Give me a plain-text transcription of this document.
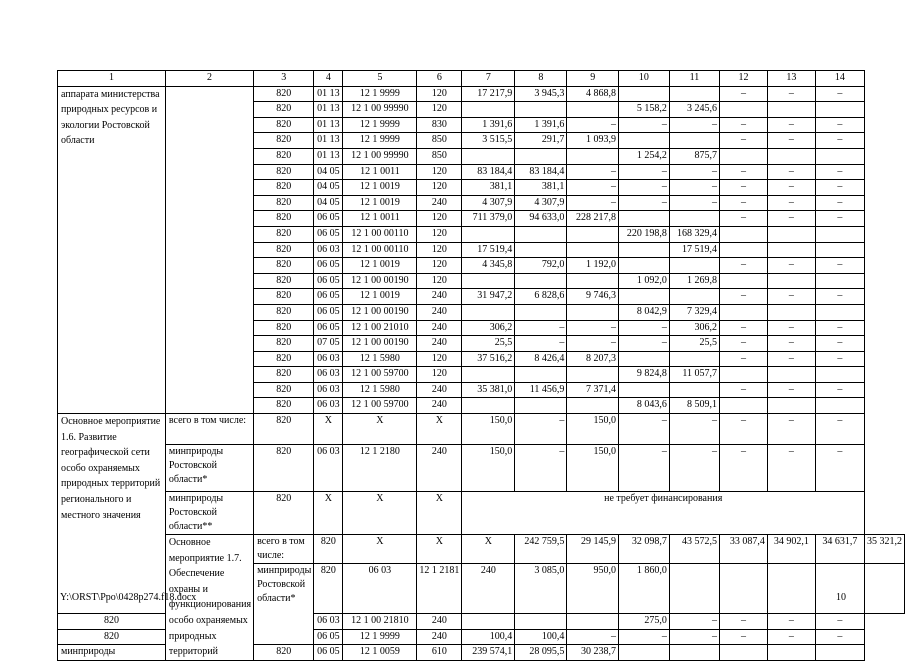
1	2	3	4	5	6	7	8	9	10	11	12	13	14	
аппарата министерства природных ресурсов и экологии Ростовской области		820	01 13	12 1 9999	120	17 217,9	3 945,3	4 868,8			–	–	–	
		820	01 13	12 1 00 99990	120				5 158,2	3 245,6				
		820	01 13	12 1 9999	830	1 391,6	1 391,6	–	–	–	–	–	–	
		820	01 13	12 1 9999	850	3 515,5	291,7	1 093,9			–	–	–	
		820	01 13	12 1 00 99990	850				1 254,2	875,7				
		820	04 05	12 1 0011	120	83 184,4	83 184,4	–	–	–	–	–	–	
		820	04 05	12 1 0019	120	381,1	381,1	–	–	–	–	–	–	
		820	04 05	12 1 0019	240	4 307,9	4 307,9	–	–	–	–	–	–	
		820	06 05	12 1 0011	120	711 379,0	94 633,0	228 217,8			–	–	–	
		820	06 05	12 1 00 00110	120				220 198,8	168 329,4				
		820	06 03	12 1 00 00110	120	17 519,4				17 519,4				
		820	06 05	12 1 0019	120	4 345,8	792,0	1 192,0			–	–	–	
		820	06 05	12 1 00 00190	120				1 092,0	1 269,8				
		820	06 05	12 1 0019	240	31 947,2	6 828,6	9 746,3			–	–	–	
		820	06 05	12 1 00 00190	240				8 042,9	7 329,4				
		820	06 05	12 1 00 21010	240	306,2	–	–	–	306,2	–	–	–	
		820	07 05	12 1 00 00190	240	25,5	–	–	–	25,5	–	–	–	
		820	06 03	12 1 5980	120	37 516,2	8 426,4	8 207,3			–	–	–	
		820	06 03	12 1 00 59700	120				9 824,8	11 057,7				
		820	06 03	12 1 5980	240	35 381,0	11 456,9	7 371,4			–	–	–	
		820	06 03	12 1 00 59700	240				8 043,6	8 509,1				
Основное мероприятие 1.6. Развитие географической сети особо охраняемых природных территорий регионального и местного значения	всего в том числе:	820	Х	Х	Х	150,0	–	150,0	–	–	–	–	–	
	минприроды Ростовской области*	820	06 03	12 1 2180	240	150,0	–	150,0	–	–	–	–	–	
	минприроды Ростовской области**	820	Х	Х	Х	не требует финансирования								
	Основное мероприятие 1.7. Обеспечение охраны и функционирования особо охраняемых природных территорий	всего в том числе:	820	Х	Х	Х	242 759,5	29 145,9	32 098,7	43 572,5	33 087,4	34 902,1	34 631,7	35 321,2
		минприроды Ростовской области*	820	06 03	12 1 2181	240	3 085,0	950,0	1 860,0					
820			06 03	12 1 00 21810	240				275,0	–	–	–	–	
820			06 05	12 1 9999	240	100,4	100,4	–	–	–	–	–	–	
минприроды		820	06 05	12 1 0059	610	239 574,1	28 095,5	30 238,7						
Y:\ORST\Ppo\0428p274.f18.docx	10
